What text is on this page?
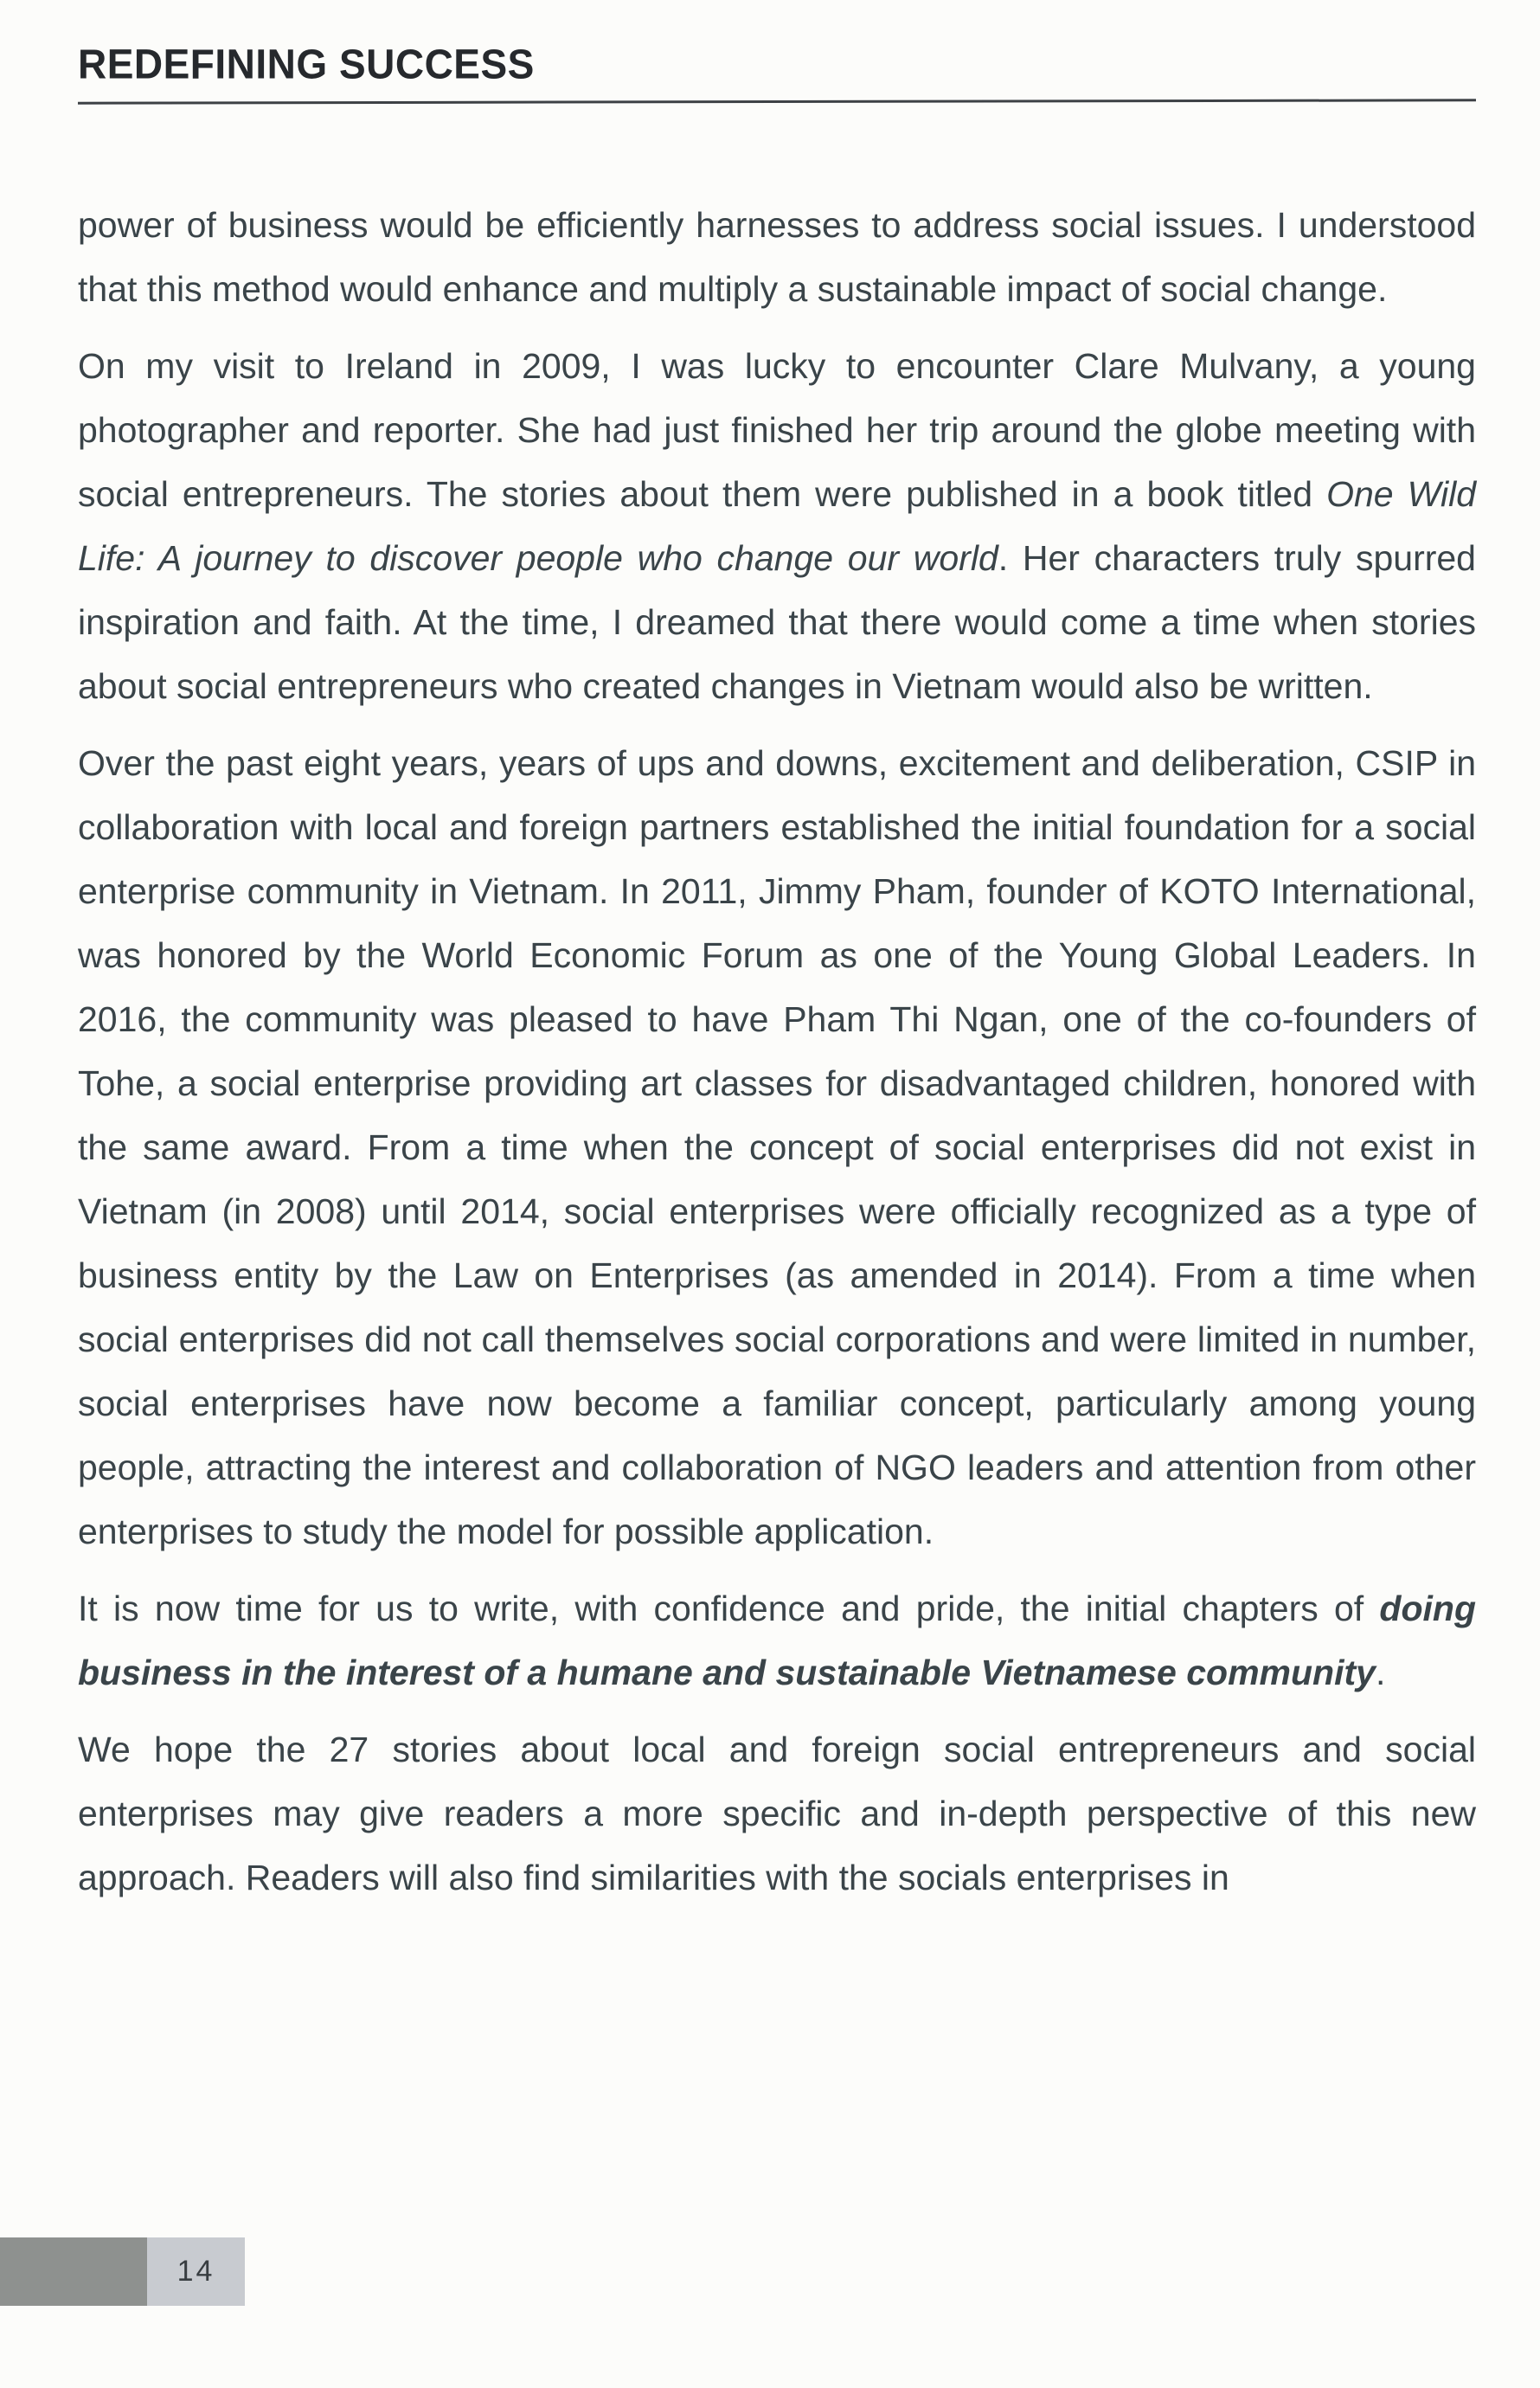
REDEFINING SUCCESS

power of business would be efficiently harnesses to address social issues. I understood that this method would enhance and multiply a sustainable impact of social change.

On my visit to Ireland in 2009, I was lucky to encounter Clare Mulvany, a young photographer and reporter. She had just finished her trip around the globe meeting with social entrepreneurs. The stories about them were published in a book titled One Wild Life: A journey to discover people who change our world. Her characters truly spurred inspiration and faith. At the time, I dreamed that there would come a time when stories about social entrepreneurs who created changes in Vietnam would also be written.

Over the past eight years, years of ups and downs, excitement and deliberation, CSIP in collaboration with local and foreign partners established the initial foundation for a social enterprise community in Vietnam. In 2011, Jimmy Pham, founder of KOTO International, was honored by the World Economic Forum as one of the Young Global Leaders. In 2016, the community was pleased to have Pham Thi Ngan, one of the co-founders of Tohe, a social enterprise providing art classes for disadvantaged children, honored with the same award. From a time when the concept of social enterprises did not exist in Vietnam (in 2008) until 2014, social enterprises were officially recognized as a type of business entity by the Law on Enterprises (as amended in 2014). From a time when social enterprises did not call themselves social corporations and were limited in number, social enterprises have now become a familiar concept, particularly among young people, attracting the interest and collaboration of NGO leaders and attention from other enterprises to study the model for possible application.

It is now time for us to write, with confidence and pride, the initial chapters of doing business in the interest of a humane and sustainable Vietnamese community.

We hope the 27 stories about local and foreign social entrepreneurs and social enterprises may give readers a more specific and in-depth perspective of this new approach. Readers will also find similarities with the socials enterprises in

14
